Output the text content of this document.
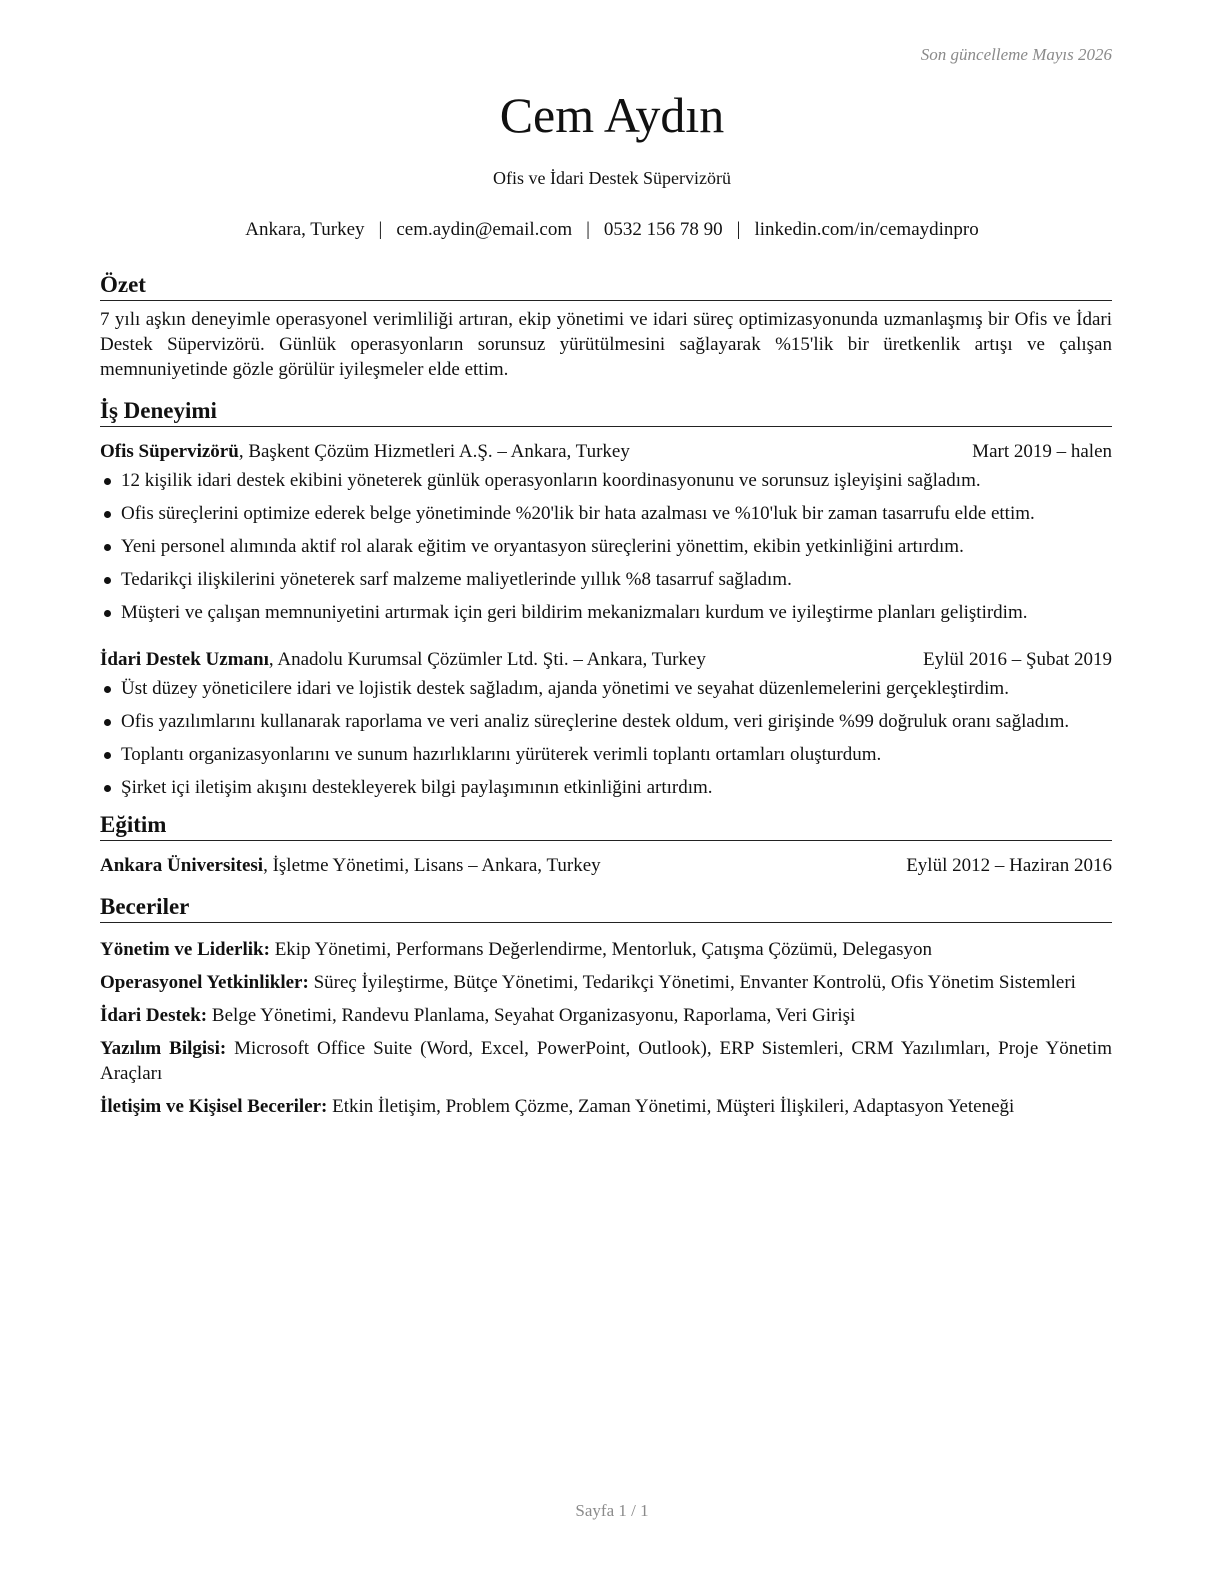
Son güncelleme Mayıs 2026
Cem Aydın
Ofis ve İdari Destek Süpervizörü
Ankara, Turkey | cem.aydin@email.com | 0532 156 78 90 | linkedin.com/in/cemaydinpro
Özet

7 yılı aşkın deneyimle operasyonel verimliliği artıran, ekip yönetimi ve idari süreç optimizasyonunda uzmanlaşmış bir Ofis ve İdari Destek Süpervizörü. Günlük operasyonların sorunsuz yürütülmesini sağlayarak %15'lik bir üretkenlik artışı ve çalışan memnuniyetinde gözle görülür iyileşmeler elde ettim.

İş Deneyimi
Ofis Süpervizörü, Başkent Çözüm Hizmetleri A.Ş. – Ankara, Turkey	Mart 2019 – halen
12 kişilik idari destek ekibini yöneterek günlük operasyonların koordinasyonunu ve sorunsuz işleyişini sağladım.
Ofis süreçlerini optimize ederek belge yönetiminde %20'lik bir hata azalması ve %10'luk bir zaman tasarrufu elde ettim.
Yeni personel alımında aktif rol alarak eğitim ve oryantasyon süreçlerini yönettim, ekibin yetkinliğini artırdım.
Tedarikçi ilişkilerini yöneterek sarf malzeme maliyetlerinde yıllık %8 tasarruf sağladım.
Müşteri ve çalışan memnuniyetini artırmak için geri bildirim mekanizmaları kurdum ve iyileştirme planları geliştirdim.
İdari Destek Uzmanı, Anadolu Kurumsal Çözümler Ltd. Şti. – Ankara, Turkey	Eylül 2016 – Şubat 2019
Üst düzey yöneticilere idari ve lojistik destek sağladım, ajanda yönetimi ve seyahat düzenlemelerini gerçekleştirdim.
Ofis yazılımlarını kullanarak raporlama ve veri analiz süreçlerine destek oldum, veri girişinde %99 doğruluk oranı sağladım.
Toplantı organizasyonlarını ve sunum hazırlıklarını yürüterek verimli toplantı ortamları oluşturdum.
Şirket içi iletişim akışını destekleyerek bilgi paylaşımının etkinliğini artırdım.
Eğitim
Ankara Üniversitesi, İşletme Yönetimi, Lisans – Ankara, Turkey	Eylül 2012 – Haziran 2016
Beceriler
Yönetim ve Liderlik: Ekip Yönetimi, Performans Değerlendirme, Mentorluk, Çatışma Çözümü, Delegasyon
Operasyonel Yetkinlikler: Süreç İyileştirme, Bütçe Yönetimi, Tedarikçi Yönetimi, Envanter Kontrolü, Ofis Yönetim Sistemleri
İdari Destek: Belge Yönetimi, Randevu Planlama, Seyahat Organizasyonu, Raporlama, Veri Girişi
Yazılım Bilgisi: Microsoft Office Suite (Word, Excel, PowerPoint, Outlook), ERP Sistemleri, CRM Yazılımları, Proje Yönetim Araçları
İletişim ve Kişisel Beceriler: Etkin İletişim, Problem Çözme, Zaman Yönetimi, Müşteri İlişkileri, Adaptasyon Yeteneği
Sayfa 1 / 1
